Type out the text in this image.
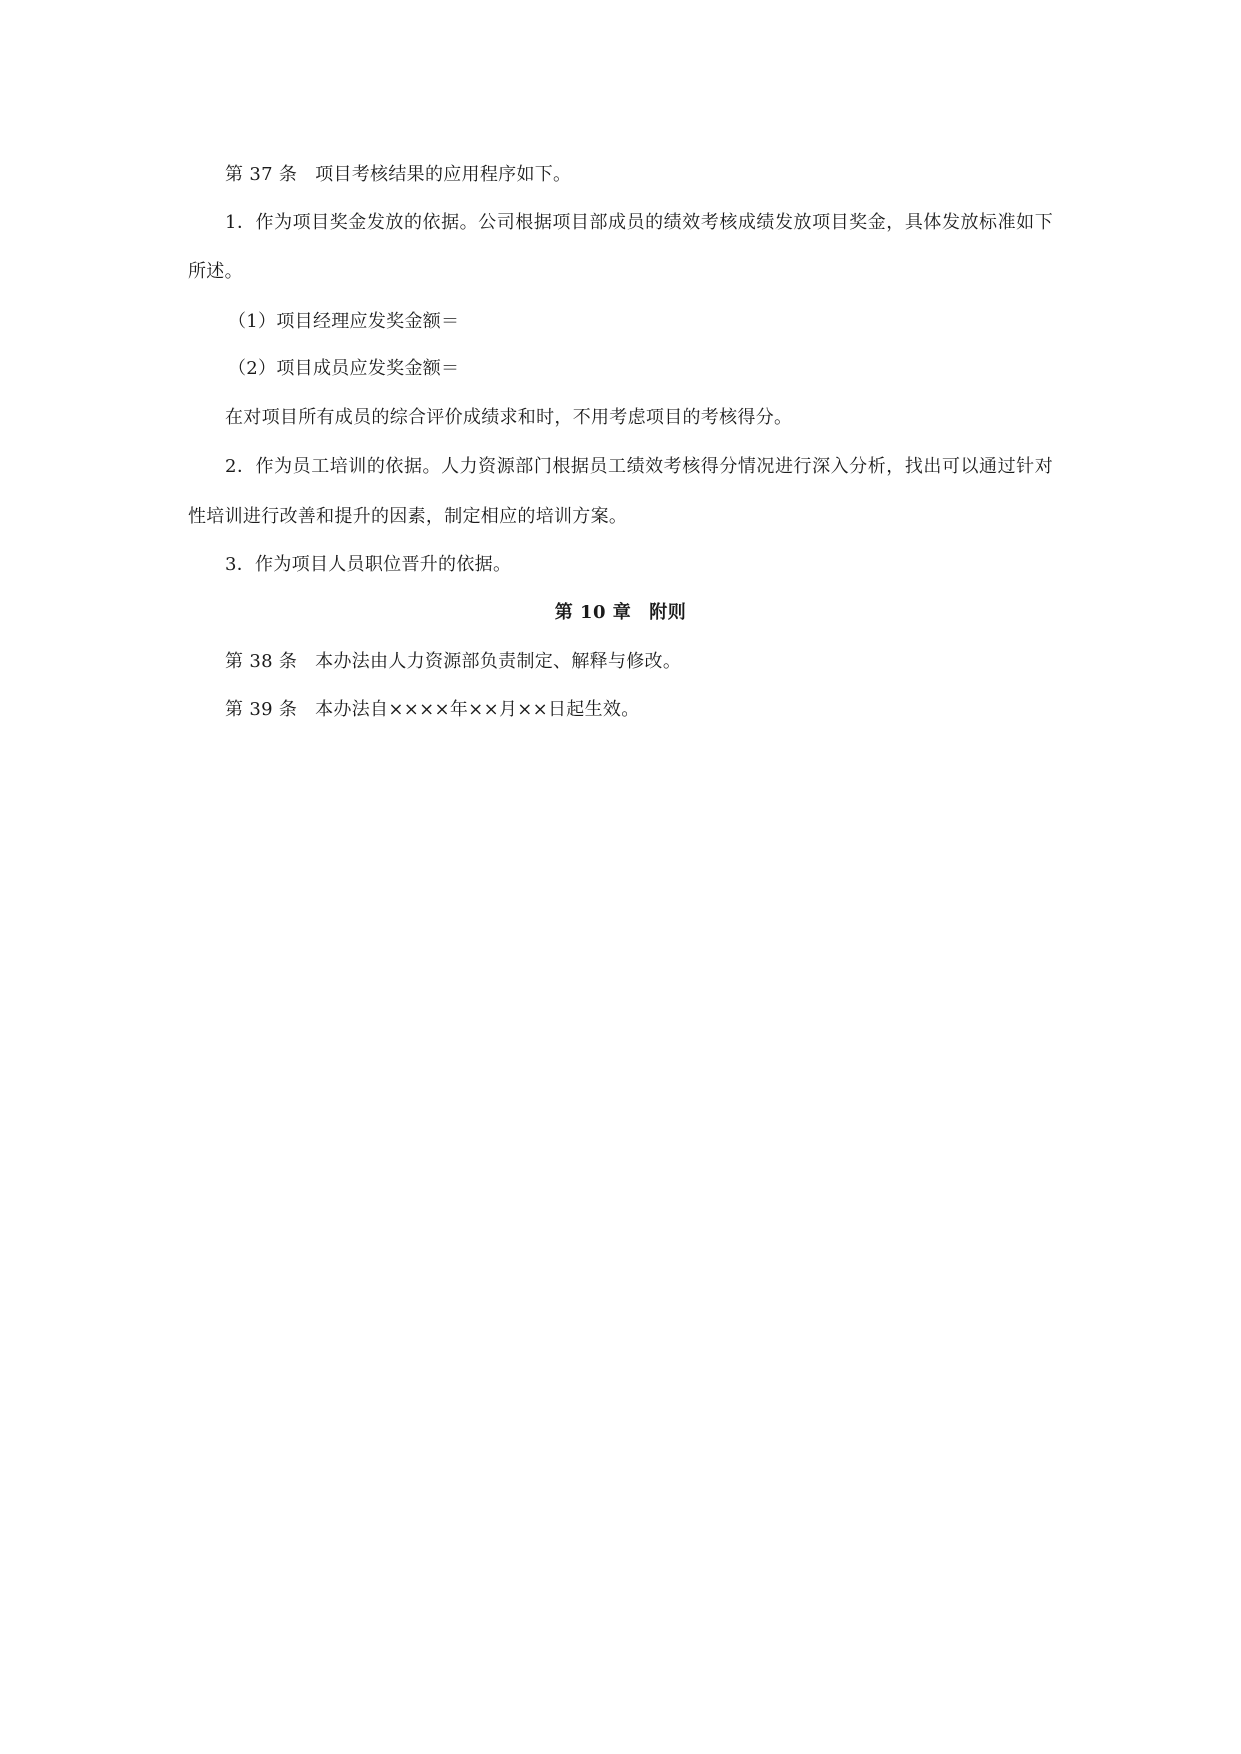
第 37 条 项目考核结果的应用程序如下。
1．作为项目奖金发放的依据。公司根据项目部成员的绩效考核成绩发放项目奖金，具体发放标准如下
所述。
（1）项目经理应发奖金额＝
（2）项目成员应发奖金额＝
在对项目所有成员的综合评价成绩求和时，不用考虑项目的考核得分。
2．作为员工培训的依据。人力资源部门根据员工绩效考核得分情况进行深入分析，找出可以通过针对
性培训进行改善和提升的因素，制定相应的培训方案。
3．作为项目人员职位晋升的依据。
第 10 章 附则
第 38 条 本办法由人力资源部负责制定、解释与修改。
第 39 条 本办法自××××年××月××日起生效。
